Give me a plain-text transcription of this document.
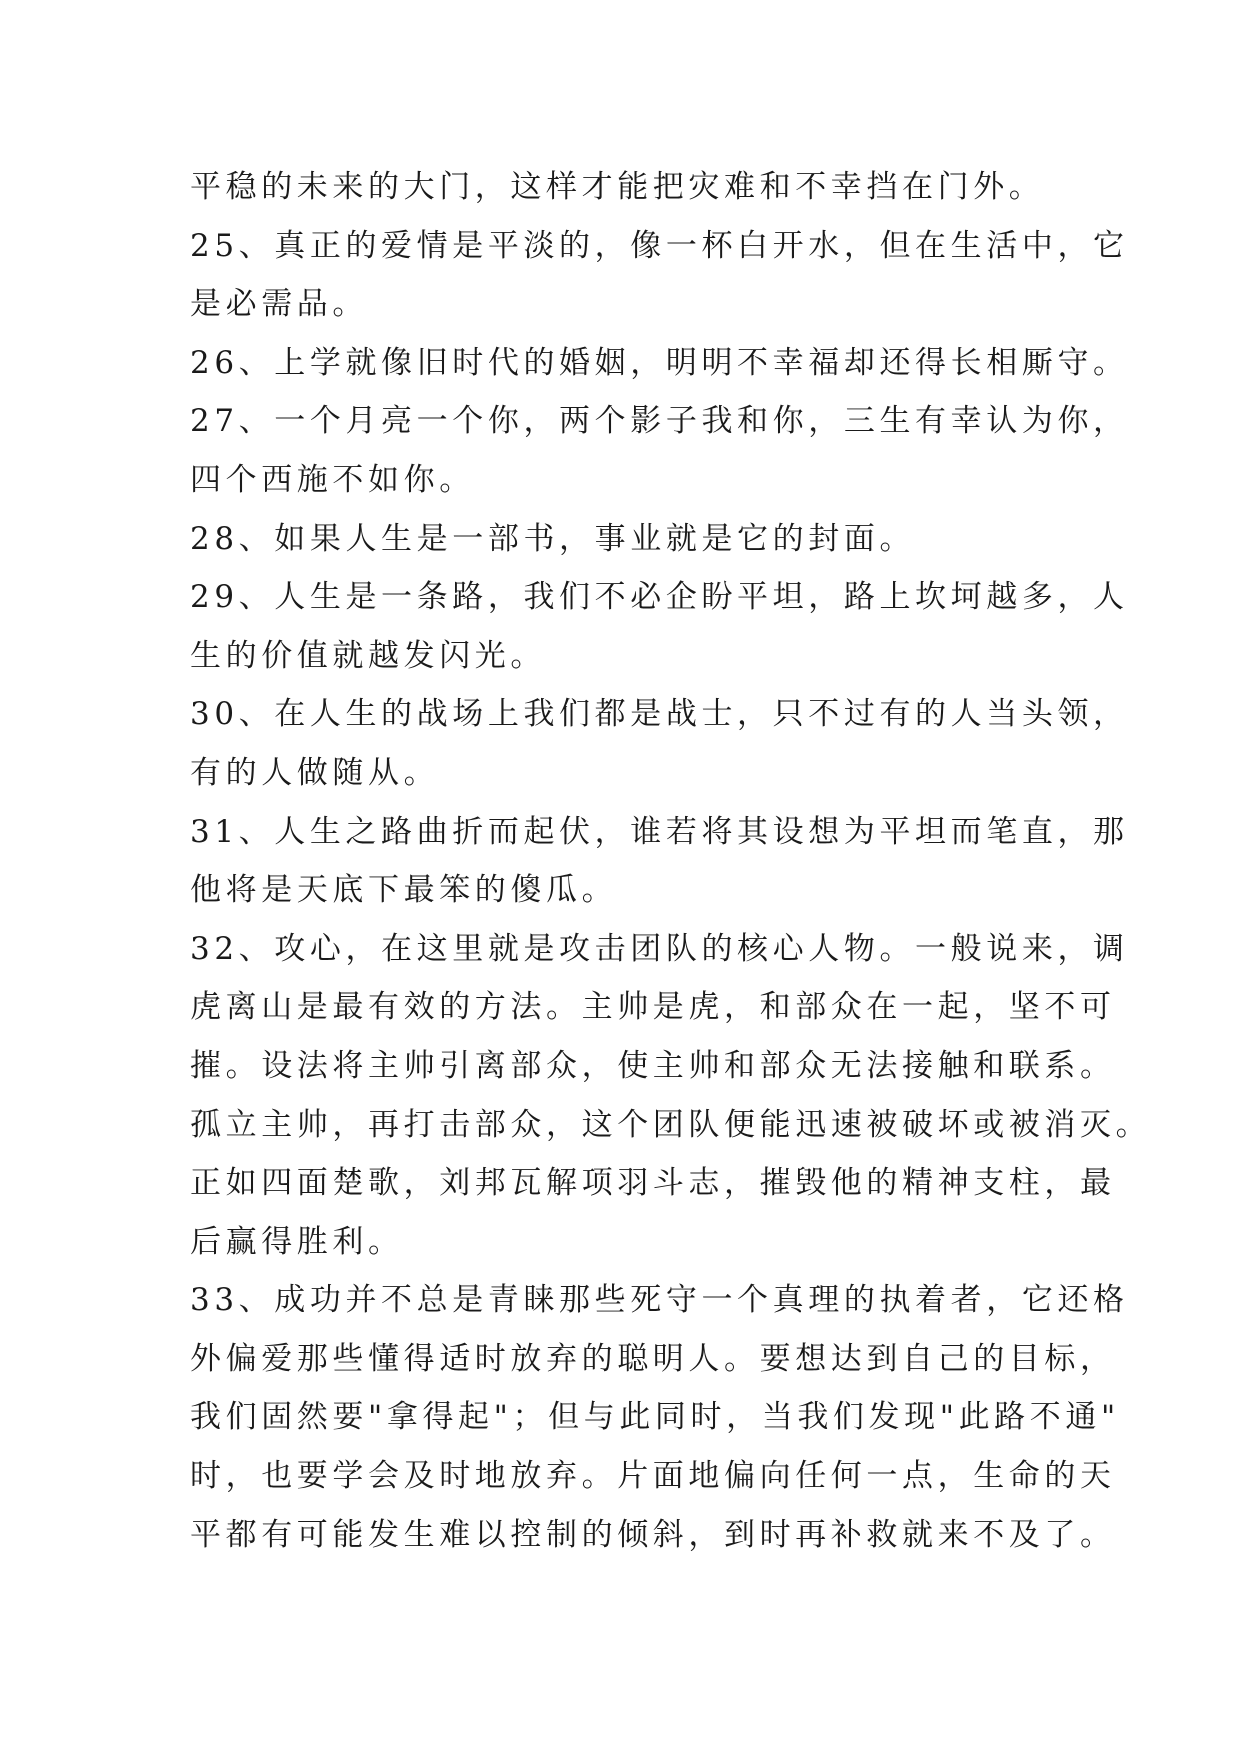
平稳的未来的大门，这样才能把灾难和不幸挡在门外。
25、真正的爱情是平淡的，像一杯白开水，但在生活中，它
是必需品。
26、上学就像旧时代的婚姻，明明不幸福却还得长相厮守。
27、一个月亮一个你，两个影子我和你，三生有幸认为你，
四个西施不如你。
28、如果人生是一部书，事业就是它的封面。
29、人生是一条路，我们不必企盼平坦，路上坎坷越多，人
生的价值就越发闪光。
30、在人生的战场上我们都是战士，只不过有的人当头领，
有的人做随从。
31、人生之路曲折而起伏，谁若将其设想为平坦而笔直，那
他将是天底下最笨的傻瓜。
32、攻心，在这里就是攻击团队的核心人物。一般说来，调
虎离山是最有效的方法。主帅是虎，和部众在一起，坚不可
摧。设法将主帅引离部众，使主帅和部众无法接触和联系。
孤立主帅，再打击部众，这个团队便能迅速被破坏或被消灭。
正如四面楚歌，刘邦瓦解项羽斗志，摧毁他的精神支柱，最
后赢得胜利。
33、成功并不总是青睐那些死守一个真理的执着者，它还格
外偏爱那些懂得适时放弃的聪明人。要想达到自己的目标，
我们固然要"拿得起"；但与此同时，当我们发现"此路不通"
时，也要学会及时地放弃。片面地偏向任何一点，生命的天
平都有可能发生难以控制的倾斜，到时再补救就来不及了。
